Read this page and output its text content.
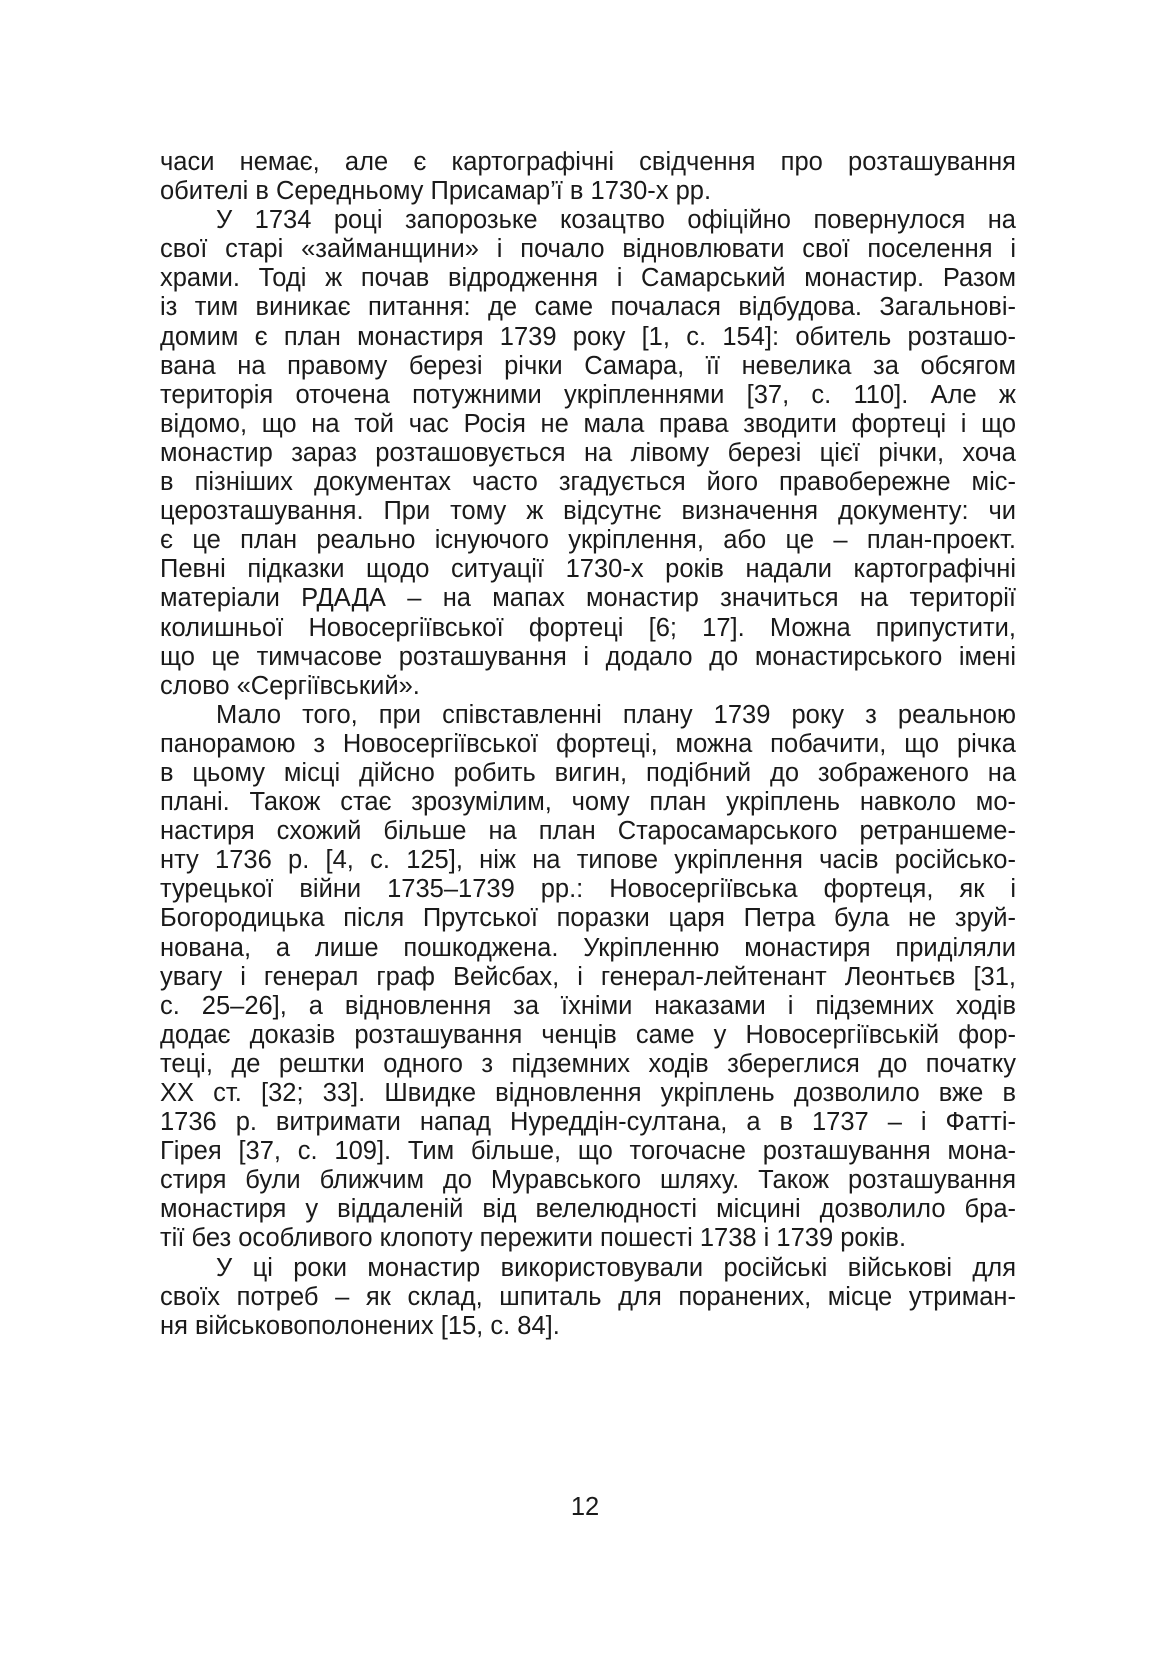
часи немає, але є картографічні свідчення про розташування
обителі в Середньому Присамар’ї в 1730-х рр.
У 1734 році запорозьке козацтво офіційно повернулося на
свої старі «займанщини» і почало відновлювати свої поселення і
храми. Тоді ж почав відродження і Самарський монастир. Разом
із тим виникає питання: де саме почалася відбудова. Загальнові-
домим є план монастиря 1739 року [1, с. 154]: обитель розташо-
вана на правому березі річки Самара, її невелика за обсягом
територія оточена потужними укріпленнями [37, с. 110]. Але ж
відомо, що на той час Росія не мала права зводити фортеці і що
монастир зараз розташовується на лівому березі цієї річки, хоча
в пізніших документах часто згадується його правобережне міс-
церозташування. При тому ж відсутнє визначення документу: чи
є це план реально існуючого укріплення, або це – план-проект.
Певні підказки щодо ситуації 1730-х років надали картографічні
матеріали РДАДА – на мапах монастир значиться на території
колишньої Новосергіївської фортеці [6; 17]. Можна припустити,
що це тимчасове розташування і додало до монастирського імені
слово «Сергіївський».
Мало того, при співставленні плану 1739 року з реальною
панорамою з Новосергіївської фортеці, можна побачити, що річка
в цьому місці дійсно робить вигин, подібний до зображеного на
плані. Також стає зрозумілим, чому план укріплень навколо мо-
настиря схожий більше на план Старосамарського ретраншеме-
нту 1736 р. [4, с. 125], ніж на типове укріплення часів російсько-
турецької війни 1735–1739 рр.: Новосергіївська фортеця, як і
Богородицька після Прутської поразки царя Петра була не зруй-
нована, а лише пошкоджена. Укріпленню монастиря приділяли
увагу і генерал граф Вейсбах, і генерал-лейтенант Леонтьєв [31,
с. 25–26], а відновлення за їхніми наказами і підземних ходів
додає доказів розташування ченців саме у Новосергіївській фор-
теці, де рештки одного з підземних ходів збереглися до початку
XX ст. [32; 33]. Швидке відновлення укріплень дозволило вже в
1736 р. витримати напад Нуреддін-султана, а в 1737 – і Фатті-
Гірея [37, с. 109]. Тим більше, що тогочасне розташування мона-
стиря були ближчим до Муравського шляху. Також розташування
монастиря у віддаленій від велелюдності місцині дозволило бра-
тії без особливого клопоту пережити пошесті 1738 і 1739 років.
У ці роки монастир використовували російські військові для
своїх потреб – як склад, шпиталь для поранених, місце утриман-
ня військовополонених [15, с. 84].
12
